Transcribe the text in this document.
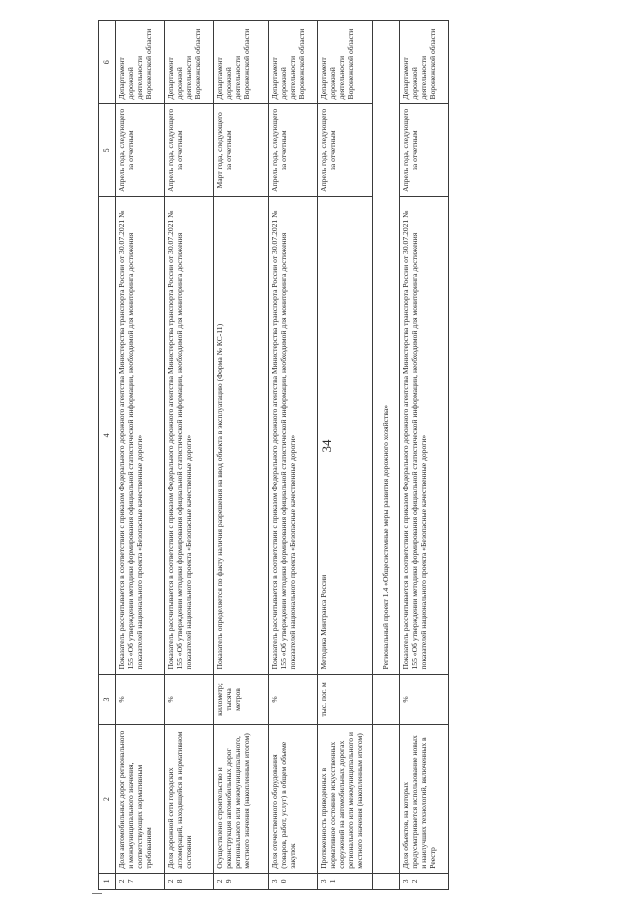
34
1	2	3	4	5	6
27	Доля автомобильных дорог регионального и межмуниципального значения, соответствующих нормативным требованиям	%	Показатель рассчитывается в соответствии с приказом Федерального дорожного агентства Министерства транспорта России от 30.07.2021 № 155 «Об утверждении методики формирования официальной статистической информации, необходимой для мониторинга достижения показателей национального проекта «Безопасные качественные дороги»	Апрель года, следующего за отчетным	Департамент дорожной деятельности Воронежской области
28	Доля дорожной сети городских агломераций, находящейся в нормативном состоянии	%	Показатель рассчитывается в соответствии с приказом Федерального дорожного агентства Министерства транспорта России от 30.07.2021 № 155 «Об утверждении методики формирования официальной статистической информации, необходимой для мониторинга достижения показателей национального проекта «Безопасные качественные дороги»	Апрель года, следующего за отчетным	Департамент дорожной деятельности Воронежской области
29	Осуществлено строительство и реконструкция автомобильных дорог регионального или межмуниципального, местного значения (накопленным итогом)	километр; тысяча метров	Показатель определяется по факту наличия разрешения на ввод объекта в эксплуатацию (Форма № КС-11)	Март года, следующего за отчетным	Департамент дорожной деятельности Воронежской области
30	Доля отечественного оборудования (товаров, работ, услуг) в общем объеме закупок	%	Показатель рассчитывается в соответствии с приказом Федерального дорожного агентства Министерства транспорта России от 30.07.2021 № 155 «Об утверждении методики формирования официальной статистической информации, необходимой для мониторинга достижения показателей национального проекта «Безопасные качественные дороги»	Апрель года, следующего за отчетным	Департамент дорожной деятельности Воронежской области
31	Протяженность приведенных в нормативное состояние искусственных сооружений на автомобильных дорогах регионального или межмуниципального и местного значения (накопленным итогом)	тыс. пог. м	Методика Минтранса России	Апрель года, следующего за отчетным	Департамент дорожной деятельности Воронежской области
			Региональный проект 1.4 «Общесистемные меры развития дорожного хозяйства»		
32	Доля объектов, на которых предусматривается использование новых и наилучших технологий, включенных в Реестр	%	Показатель рассчитывается в соответствии с приказом Федерального дорожного агентства Министерства транспорта России от 30.07.2021 № 155 «Об утверждении методики формирования официальной статистической информации, необходимой для мониторинга достижения показателей национального проекта «Безопасные качественные дороги»	Апрель года, следующего за отчетным	Департамент дорожной деятельности Воронежской области
